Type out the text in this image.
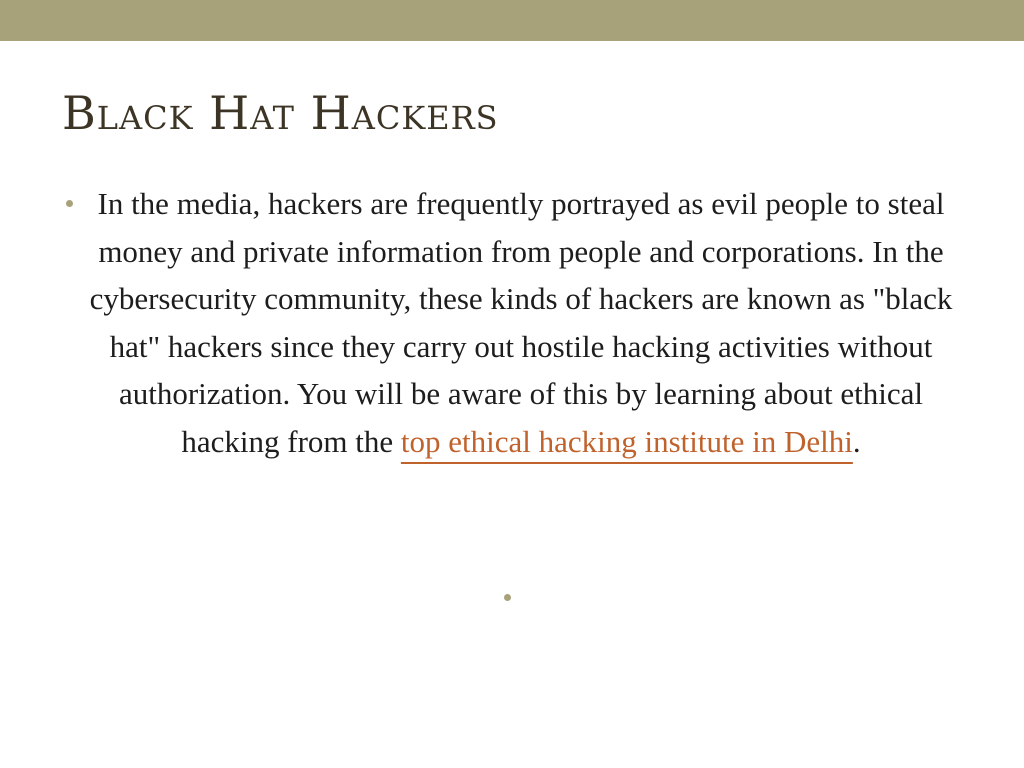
Black Hat Hackers

In the media, hackers are frequently portrayed as evil people to steal money and private information from people and corporations. In the cybersecurity community, these kinds of hackers are known as "black hat" hackers since they carry out hostile hacking activities without authorization. You will be aware of this by learning about ethical hacking from the top ethical hacking institute in Delhi.
